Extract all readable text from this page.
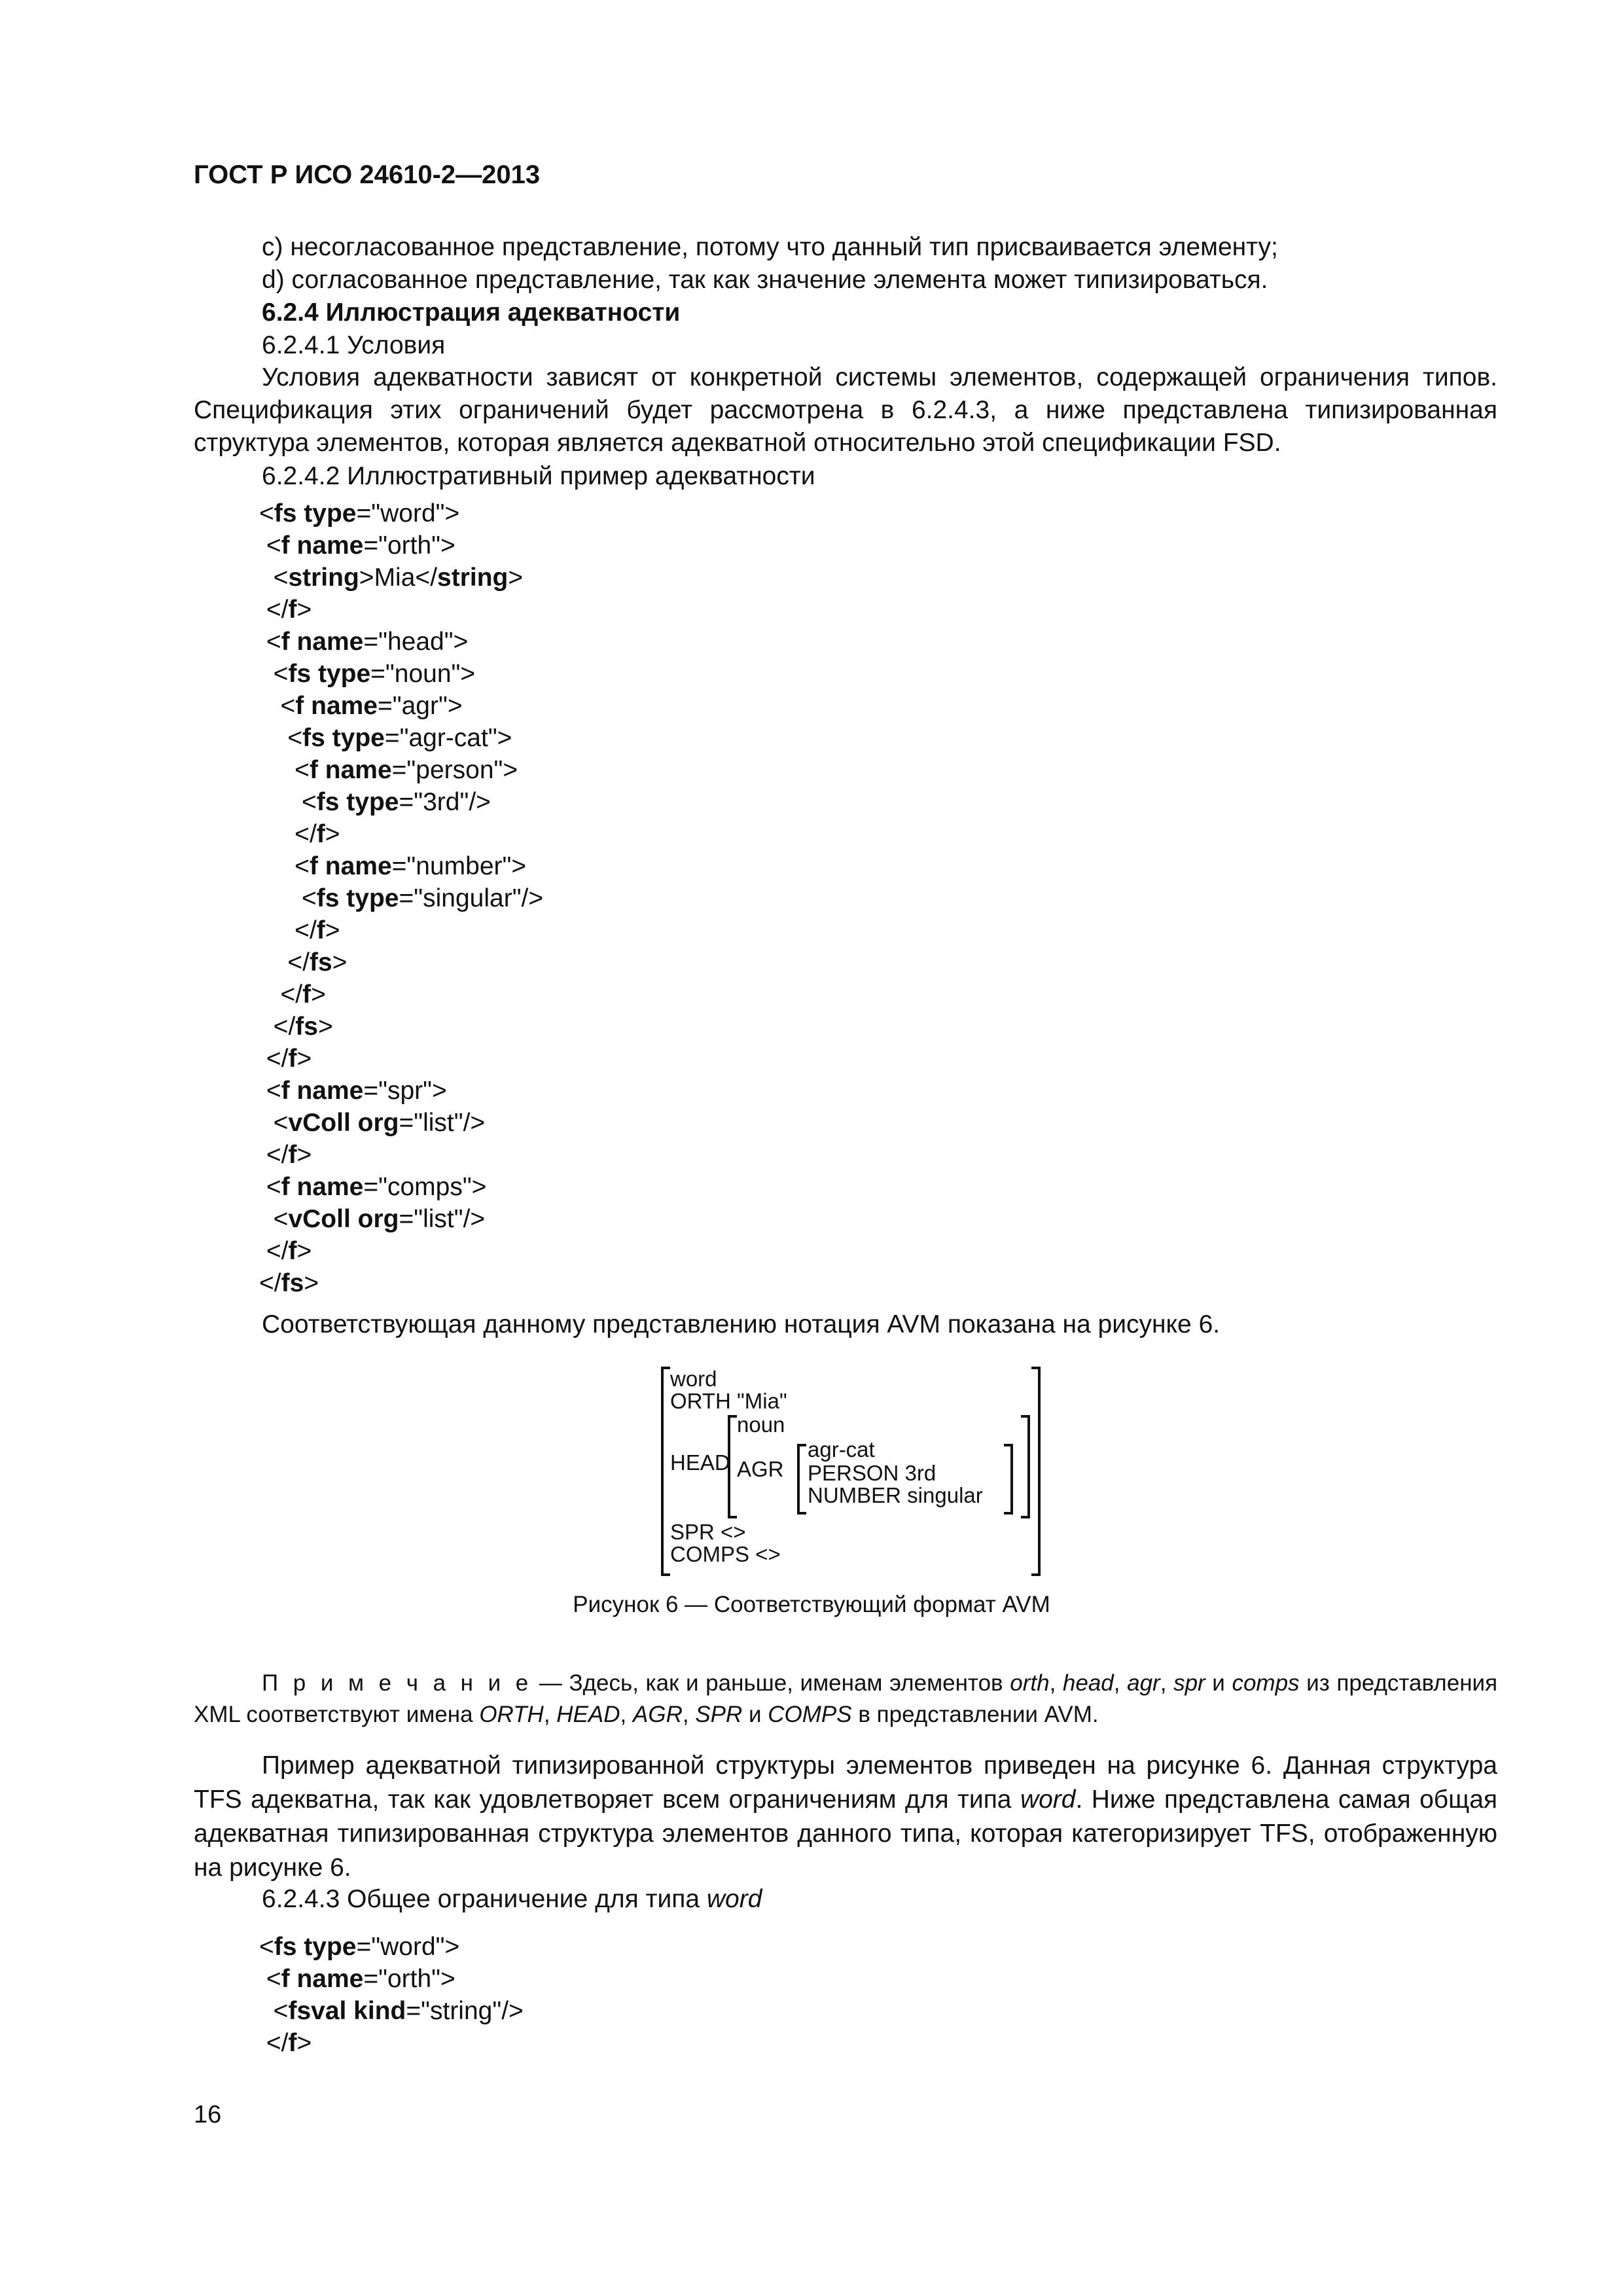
ГОСТ Р ИСО 24610-2—2013
c) несогласованное представление, потому что данный тип присваивается элементу;
d) согласованное представление, так как значение элемента может типизироваться.
6.2.4 Иллюстрация адекватности
6.2.4.1 Условия
Условия адекватности зависят от конкретной системы элементов, содержащей ограничения типов. Спецификация этих ограничений будет рассмотрена в 6.2.4.3, а ниже представлена типизированная структура элементов, которая является адекватной относительно этой спецификации FSD.
6.2.4.2 Иллюстративный пример адекватности
<fs type="word">
<f name="orth">
<string>Mia</string>
</f>
<f name="head">
<fs type="noun">
<f name="agr">
<fs type="agr-cat">
<f name="person">
<fs type="3rd"/>
</f>
<f name="number">
<fs type="singular"/>
</f>
</fs>
</f>
</fs>
</f>
<f name="spr">
<vColl org="list"/>
</f>
<f name="comps">
<vColl org="list"/>
</f>
</fs>
Соответствующая данному представлению нотация AVM показана на рисунке 6.
word
ORTH "Mia"
HEAD
noun
AGR
agr-cat
PERSON 3rd
NUMBER singular
SPR <>
COMPS <>
Рисунок 6 — Соответствующий формат AVM
П р и м е ч а н и е — Здесь, как и раньше, именам элементов orth, head, agr, spr и comps из представления XML соответствуют имена ORTH, HEAD, AGR, SPR и COMPS в представлении AVM.
Пример адекватной типизированной структуры элементов приведен на рисунке 6. Данная структура TFS адекватна, так как удовлетворяет всем ограничениям для типа word. Ниже представлена самая общая адекватная типизированная структура элементов данного типа, которая категоризирует TFS, отображенную на рисунке 6.
6.2.4.3 Общее ограничение для типа word
<fs type="word">
<f name="orth">
<fsval kind="string"/>
</f>
16
